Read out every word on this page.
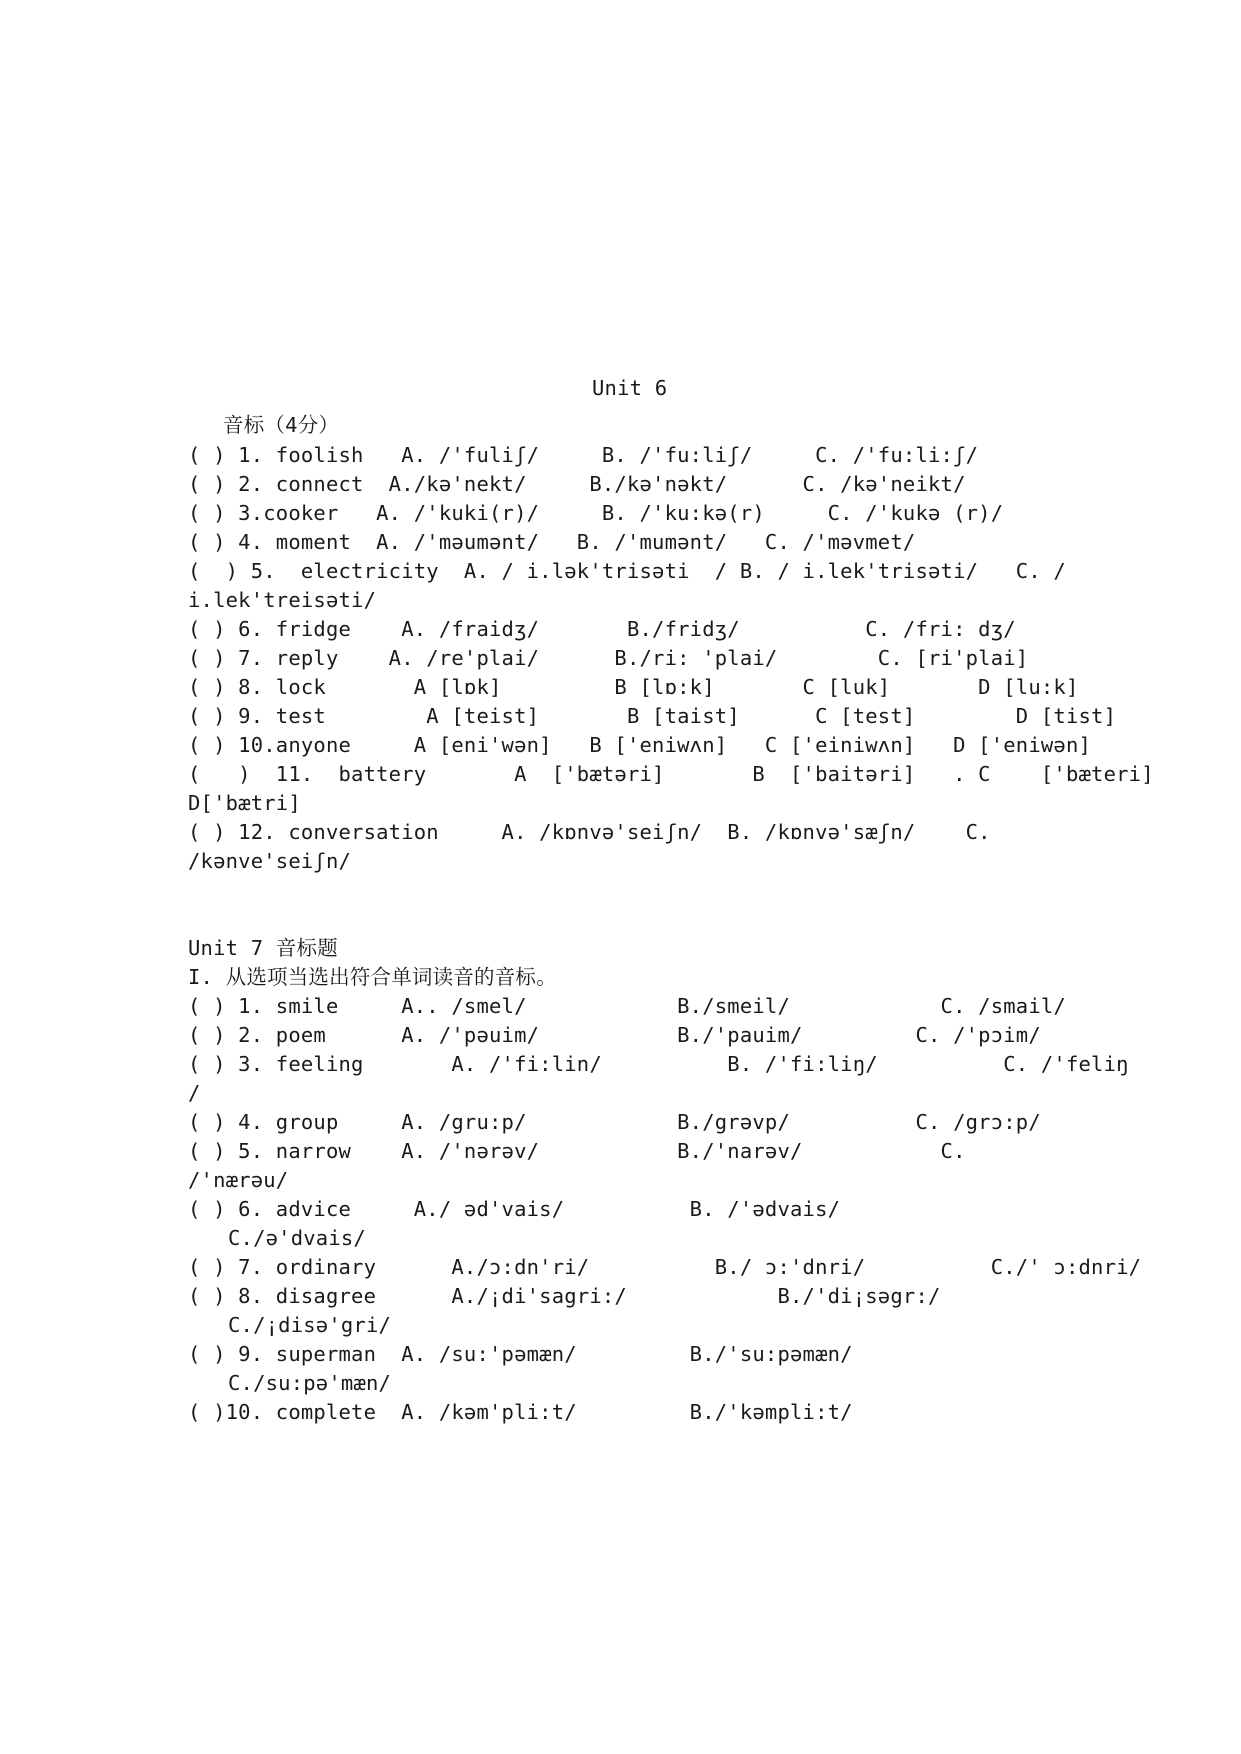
Unit 6

音标（4分）

( ) 1. foolish   A. /'fuliʃ/     B. /'fu:liʃ/     C. /'fu:li:ʃ/

( ) 2. connect  A./kə'nekt/     B./kə'nəkt/      C. /kə'neikt/

( ) 3.cooker   A. /'kuki(r)/     B. /'ku:kə(r)     C. /'kukə (r)/

( ) 4. moment  A. /'məumənt/   B. /'mumənt/   C. /'məvmet/

(  ) 5.  electricity  A. / i.lək'trisəti  / B. / i.lek'trisəti/   C. /

i.lek'treisəti/

( ) 6. fridge    A. /fraidʒ/       B./fridʒ/          C. /fri: dʒ/

( ) 7. reply    A. /re'plai/      B./ri: 'plai/        C. [ri'plai]

( ) 8. lock       A [lɒk]         B [lɒ:k]       C [luk]       D [lu:k]

( ) 9. test        A [teist]       B [taist]      C [test]        D [tist]

( ) 10.anyone     A [eni'wən]   B ['eniwʌn]   C ['einiwʌn]   D ['eniwən]

(   )  11.  battery       A  ['bætəri]       B  ['baitəri]   . C    ['bæteri]

D['bætri]

( ) 12. conversation     A. /kɒnvə'seiʃn/  B. /kɒnvə'sæʃn/    C.

/kənve'seiʃn/

Unit 7 音标题

I. 从选项当选出符合单词读音的音标。

( ) 1. smile     A.. /smel/            B./smeil/            C. /smail/

( ) 2. poem      A. /'pəuim/           B./'pauim/         C. /'pɔim/

( ) 3. feeling       A. /'fi:lin/          B. /'fi:liŋ/          C. /'feliŋ

/

( ) 4. group     A. /gru:p/            B./grəvp/          C. /grɔ:p/

( ) 5. narrow    A. /'nərəv/           B./'narəv/           C.

/'nærəu/

( ) 6. advice     A./ əd'vais/          B. /'ədvais/

C./ə'dvais/

( ) 7. ordinary      A./ɔ:dn'ri/          B./ ɔ:'dnri/          C./' ɔ:dnri/

( ) 8. disagree      A./¡di'sagri:/            B./'di¡səgr:/

C./¡disə'gri/

( ) 9. superman  A. /su:'pəmæn/         B./'su:pəmæn/

C./su:pə'mæn/

( )10. complete  A. /kəm'pli:t/         B./'kəmpli:t/
